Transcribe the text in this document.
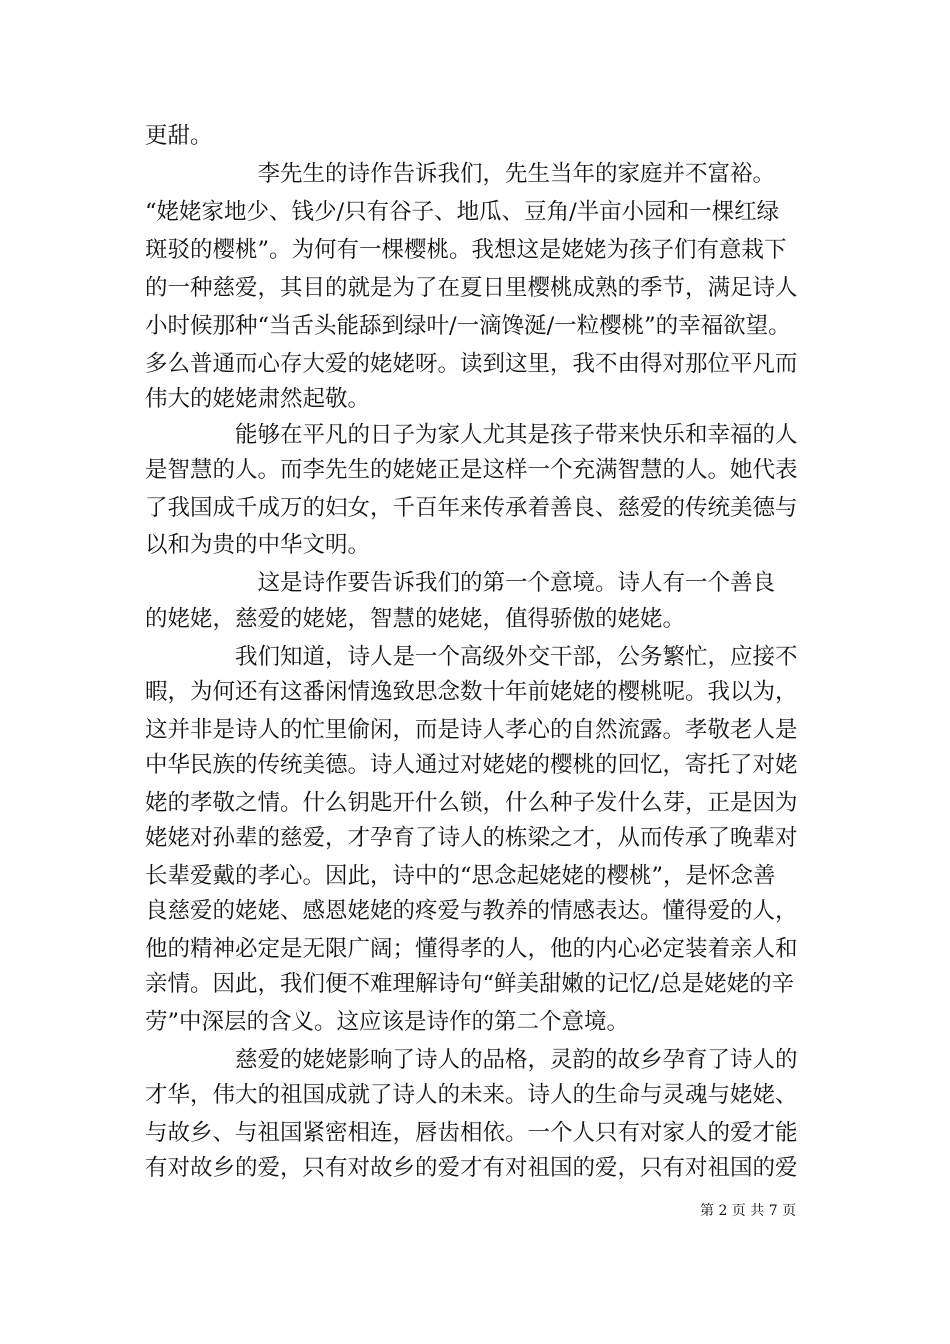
更甜。
　　　　　李先生的诗作告诉我们，先生当年的家庭并不富裕。
“姥姥家地少、钱少/只有谷子、地瓜、豆角/半亩小园和一棵红绿
斑驳的樱桃”。为何有一棵樱桃。我想这是姥姥为孩子们有意栽下
的一种慈爱，其目的就是为了在夏日里樱桃成熟的季节，满足诗人
小时候那种“当舌头能舔到绿叶/一滴馋涎/一粒樱桃”的幸福欲望。
多么普通而心存大爱的姥姥呀。读到这里，我不由得对那位平凡而
伟大的姥姥肃然起敬。
　　　　能够在平凡的日子为家人尤其是孩子带来快乐和幸福的人
是智慧的人。而李先生的姥姥正是这样一个充满智慧的人。她代表
了我国成千成万的妇女，千百年来传承着善良、慈爱的传统美德与
以和为贵的中华文明。
　　　　　这是诗作要告诉我们的第一个意境。诗人有一个善良
的姥姥，慈爱的姥姥，智慧的姥姥，值得骄傲的姥姥。
　　　　我们知道，诗人是一个高级外交干部，公务繁忙，应接不
暇，为何还有这番闲情逸致思念数十年前姥姥的樱桃呢。我以为，
这并非是诗人的忙里偷闲，而是诗人孝心的自然流露。孝敬老人是
中华民族的传统美德。诗人通过对姥姥的樱桃的回忆，寄托了对姥
姥的孝敬之情。什么钥匙开什么锁，什么种子发什么芽，正是因为
姥姥对孙辈的慈爱，才孕育了诗人的栋梁之才，从而传承了晚辈对
长辈爱戴的孝心。因此，诗中的“思念起姥姥的樱桃”，是怀念善
良慈爱的姥姥、感恩姥姥的疼爱与教养的情感表达。懂得爱的人，
他的精神必定是无限广阔；懂得孝的人，他的内心必定装着亲人和
亲情。因此，我们便不难理解诗句“鲜美甜嫩的记忆/总是姥姥的辛
劳”中深层的含义。这应该是诗作的第二个意境。
　　　　慈爱的姥姥影响了诗人的品格，灵韵的故乡孕育了诗人的
才华，伟大的祖国成就了诗人的未来。诗人的生命与灵魂与姥姥、
与故乡、与祖国紧密相连，唇齿相依。一个人只有对家人的爱才能
有对故乡的爱，只有对故乡的爱才有对祖国的爱，只有对祖国的爱
第 2 页 共 7 页
